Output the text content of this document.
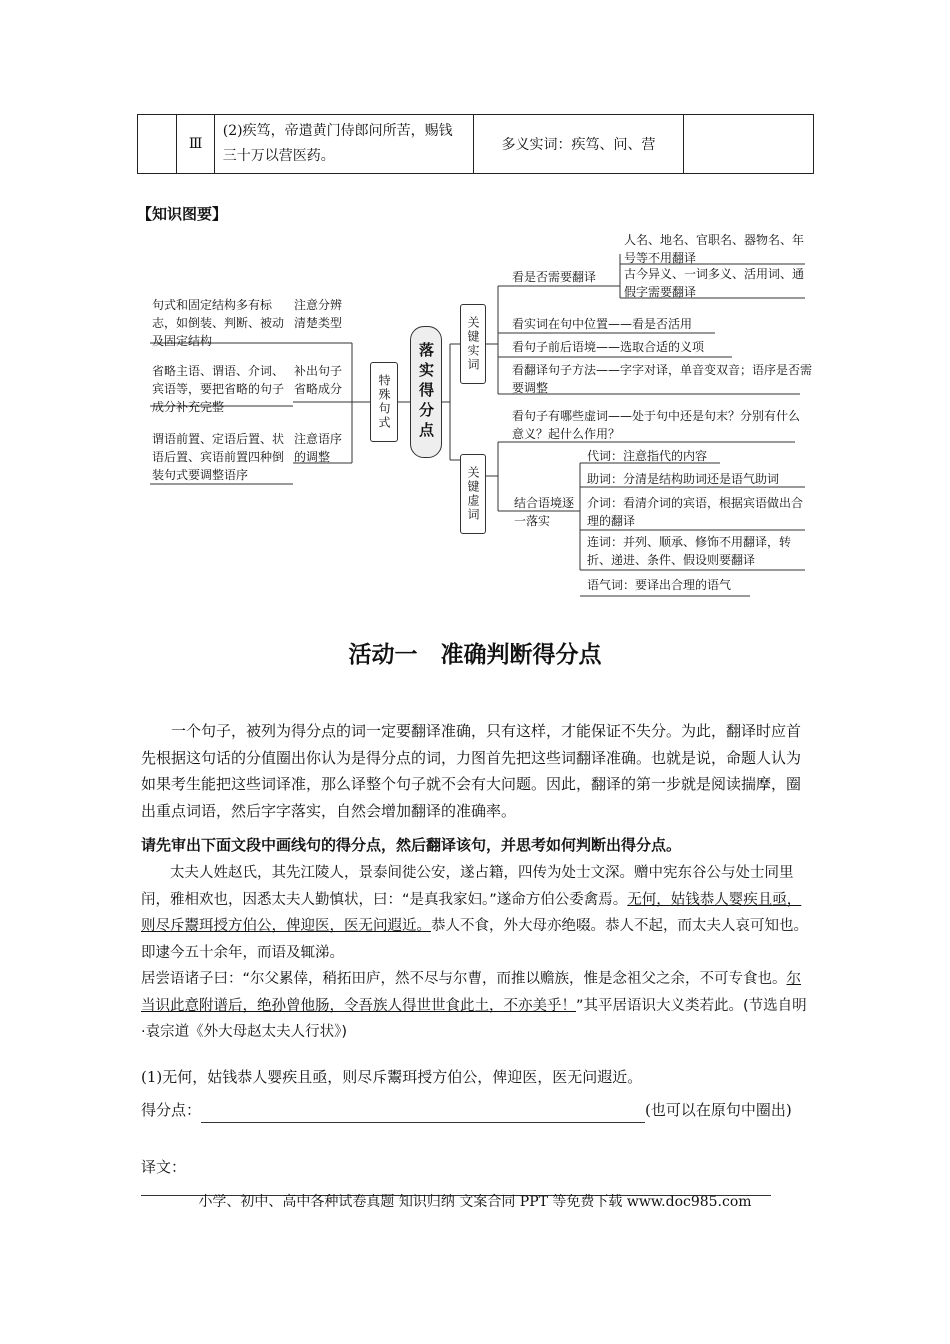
	Ⅲ	(2)疾笃，帝遣黄门侍郎问所苦，赐钱三十万以营医药。	多义实词：疾笃、问、营	
【知识图要】
句式和固定结构多有标志，如倒装、判断、被动及固定结构
省略主语、谓语、介词、宾语等，要把省略的句子成分补充完整
谓语前置、定语后置、状语后置、宾语前置四种倒装句式要调整语序
注意分辨清楚类型
补出句子省略成分
注意语序的调整
特殊句式	落实得分点	关键实词
关键虚词
看是否需要翻译
人名、地名、官职名、器物名、年号等不用翻译
古今异义、一词多义、活用词、通假字需要翻译
看实词在句中位置——看是否活用
看句子前后语境——选取合适的义项
看翻译句子方法——字字对译，单音变双音；语序是否需要调整
看句子有哪些虚词——处于句中还是句末？分别有什么意义？起什么作用？
结合语境逐一落实
代词：注意指代的内容
助词：分清是结构助词还是语气助词
介词：看清介词的宾语，根据宾语做出合理的翻译
连词：并列、顺承、修饰不用翻译，转折、递进、条件、假设则要翻译
语气词：要译出合理的语气
活动一　准确判断得分点
一个句子，被列为得分点的词一定要翻译准确，只有这样，才能保证不失分。为此，翻译时应首先根据这句话的分值圈出你认为是得分点的词，力图首先把这些词翻译准确。也就是说，命题人认为如果考生能把这些词译准，那么译整个句子就不会有大问题。因此，翻译的第一步就是阅读揣摩，圈出重点词语，然后字字落实，自然会增加翻译的准确率。
请先审出下面文段中画线句的得分点，然后翻译该句，并思考如何判断出得分点。

太夫人姓赵氏，其先江陵人，景泰间徙公安，遂占籍，四传为处士文深。赠中宪东谷公与处士同里闬，雅相欢也，因悉太夫人勤慎状，曰：“是真我家妇。”遂命方伯公委禽焉。无何，姑钱恭人婴疾且亟，则尽斥鬻珥授方伯公，俾迎医，医无问遐近。恭人不食，外大母亦绝啜。恭人不起，而太夫人哀可知也。即逮今五十余年，而语及辄涕。

居尝语诸子曰：“尔父累倖，稍拓田庐，然不尽与尔曹，而推以赡族，惟是念祖父之余，不可专食也。尔当识此意附谱后，绝孙曾他肠，令吾族人得世世食此土，不亦美乎！”其平居语识大义类若此。(节选自明·袁宗道《外大母赵太夫人行状》)

(1)无何，姑钱恭人婴疾且亟，则尽斥鬻珥授方伯公，俾迎医，医无问遐近。
得分点：	(也可以在原句中圈出)
译文：
小学、初中、高中各种试卷真题 知识归纳 文案合同 PPT 等免费下载 www.doc985.com
